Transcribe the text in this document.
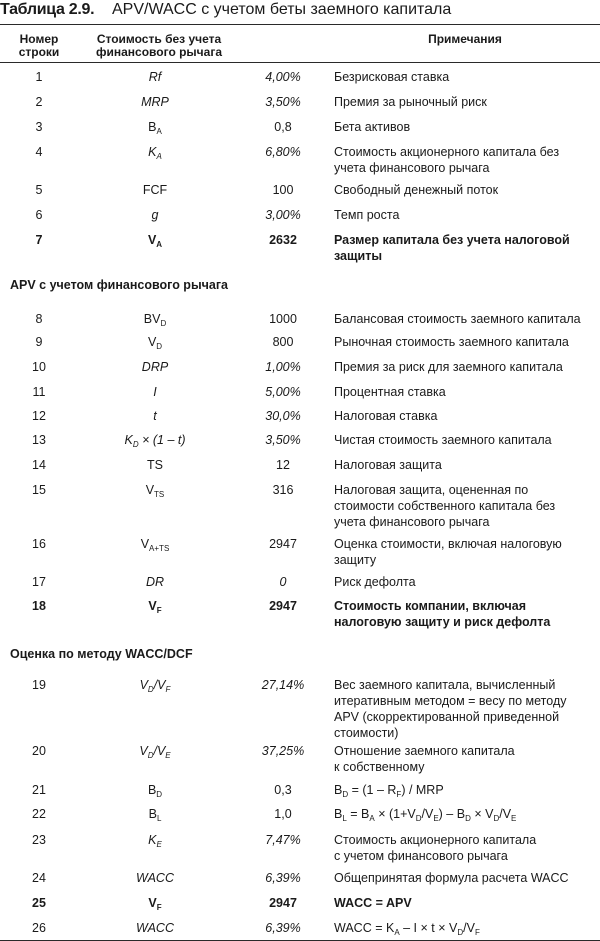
Таблица 2.9. APV/WACC с учетом беты заемного капитала
Номер
строки
Стоимость без учета
финансового рычага
Примечания
1	Rf	4,00%	Безрисковая ставка
2	MRP	3,50%	Премия за рыночный риск
3	$B_A$	0,8	Бета активов
4	$K_A$	6,80%	Стоимость акционерного капитала без
учета финансового рычага
5	FCF	100	Свободный денежный поток
6	g	3,00%	Темп роста
7	$V_A$	2632	Размер капитала без учета налоговой
защиты
8	$BV_D$	1000	Балансовая стоимость заемного капитала
9	$V_D$	800	Рыночная стоимость заемного капитала
10	DRP	1,00%	Премия за риск для заемного капитала
11	I	5,00%	Процентная ставка
12	t	30,0%	Налоговая ставка
13	$K_D \times (1 - t)$	3,50%	Чистая стоимость заемного капитала
14	TS	12	Налоговая защита
15	$V_{TS}$	316	Налоговая защита, оцененная по
стоимости собственного капитала без
учета финансового рычага
16	$V_{A+TS}$	2947	Оценка стоимости, включая налоговую
защиту
17	DR	0	Риск дефолта
18	$V_F$	2947	Стоимость компании, включая
налоговую защиту и риск дефолта
19	$V_D/V_F$	27,14%	Вес заемного капитала, вычисленный
итеративным методом = весу по методу
APV (скорректированной приведенной
стоимости)
20	$V_D/V_E$	37,25%	Отношение заемного капитала
к собственному
21	$B_D$	0,3	$B_D = (1 - R_F)$ / MRP
22	$B_L$	1,0	$B_L = B_A \times (1+V_D/V_E) - B_D \times V_D/V_E$
23	$K_E$	7,47%	Стоимость акционерного капитала
с учетом финансового рычага
24	WACC	6,39%	Общепринятая формула расчета WACC
25	$V_F$	2947	WACC = APV
26	WACC	6,39%	WACC = $K_A - I \times t \times V_D/V_F$
APV с учетом финансового рычага
Оценка по методу WACC/DCF
